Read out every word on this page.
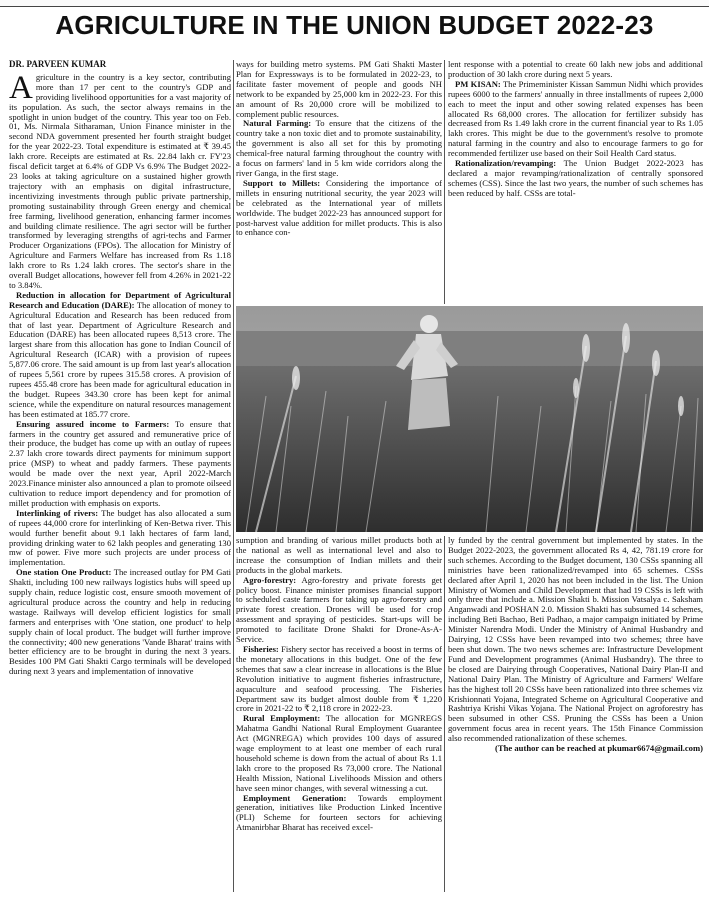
AGRICULTURE IN THE UNION BUDGET 2022-23
DR. PARVEEN KUMAR

Agriculture in the country is a key sector, contributing more than 17 per cent to the country's GDP and providing livelihood opportunities for a vast majority of its population. As such, the sector always remains in the spotlight in union budget of the country. This year too on Feb. 01, Ms. Nirmala Sitharaman, Union Finance minister in the second NDA government presented her fourth straight budget for the year 2022-23. Total expenditure is estimated at ₹ 39.45 lakh crore. Receipts are estimated at Rs. 22.84 lakh cr. FY'23 fiscal deficit target at 6.4% of GDP Vs 6.9% The Budget 2022-23 looks at taking agriculture on a sustained higher growth trajectory with an emphasis on digital infrastructure, incentivizing investments through public private partnership, promoting sustainability through Green energy and chemical free farming, livelihood generation, enhancing farmer incomes and building climate resilience. The agri sector will be further transformed by leveraging strengths of agri-techs and Farmer Producer Organizations (FPOs). The allocation for Ministry of Agriculture and Farmers Welfare has increased from Rs 1.18 lakh crore to Rs 1.24 lakh crores. The sector's share in the overall Budget allocations, however fell from 4.26% in 2021-22 to 3.84%.

Reduction in allocation for Department of Agricultural Research and Education (DARE): The allocation of money to Agricultural Education and Research has been reduced from that of last year. Department of Agriculture Research and Education (DARE) has been allocated rupees 8,513 crore. The largest share from this allocation has gone to Indian Council of Agricultural Research (ICAR) with a provision of rupees 5,877.06 crore. The said amount is up from last year's allocation of rupees 5,561 crore by rupees 315.58 crores. A provision of rupees 455.48 crore has been made for agricultural education in the budget. Rupees 343.30 crore has been kept for animal science, while the expenditure on natural resources management has been estimated at 185.77 crore.

Ensuring assured income to Farmers: To ensure that farmers in the country get assured and remunerative price of their produce, the budget has come up with an outlay of rupees 2.37 lakh crore towards direct payments for minimum support price (MSP) to wheat and paddy farmers. These payments would be made over the next year, April 2022-March 2023.Finance minister also announced a plan to promote oilseed cultivation to reduce import dependency and for promotion of millet production with emphasis on exports.

Interlinking of rivers: The budget has also allocated a sum of rupees 44,000 crore for interlinking of Ken-Betwa river. This would further benefit about 9.1 lakh hectares of farm land, providing drinking water to 62 lakh peoples and generating 130 mw of power. Five more such projects are under process of implementation.

One station One Product: The increased outlay for PM Gati Shakti, including 100 new railways logistics hubs will speed up supply chain, reduce logistic cost, ensure smooth movement of agricultural produce across the country and help in reducing wastage. Railways will develop efficient logistics for small farmers and enterprises with 'One station, one product' to help supply chain of local product. The budget will further improve the connectivity; 400 new generations 'Vande Bharat' trains with better efficiency are to be brought in during the next 3 years. Besides 100 PM Gati Shakti Cargo terminals will be developed during next 3 years and implementation of innovative

ways for building metro systems. PM Gati Shakti Master Plan for Expressways is to be formulated in 2022-23, to facilitate faster movement of people and goods NH network to be expanded by 25,000 km in 2022-23. For this an amount of Rs 20,000 crore will be mobilized to complement public resources.

Natural Farming: To ensure that the citizens of the country take a non toxic diet and to promote sustainability, the government is also all set for this by promoting chemical-free natural farming throughout the country with a focus on farmers' land in 5 km wide corridors along the river Ganga, in the first stage.

Support to Millets: Considering the importance of millets in ensuring nutritional security, the year 2023 will be celebrated as the International year of millets worldwide. The budget 2022-23 has announced support for post-harvest value addition for millet products. This is also to enhance con-

lent response with a potential to create 60 lakh new jobs and additional production of 30 lakh crore during next 5 years.

PM KISAN: The Primeminister Kissan Sammun Nidhi which provides rupees 6000 to the farmers' annually in three installments of rupees 2,000 each to meet the input and other sowing related expenses has been allocated Rs 68,000 crores. The allocation for fertilizer subsidy has decreased from Rs 1.49 lakh crore in the current financial year to Rs 1.05 lakh crores. This might be due to the government's resolve to promote natural farming in the country and also to encourage farmers to go for recommended fertilizer use based on their Soil Health Card status.

Rationalization/revamping: The Union Budget 2022-2023 has declared a major revamping/rationalization of centrally sponsored schemes (CSS). Since the last two years, the number of such schemes has been reduced by half. CSSs are total-

sumption and branding of various millet products both at the national as well as international level and also to increase the consumption of Indian millets and their products in the global markets.

Agro-forestry: Agro-forestry and private forests get policy boost. Finance minister promises financial support to scheduled caste farmers for taking up agro-forestry and private forest creation. Drones will be used for crop assessment and spraying of pesticides. Start-ups will be promoted to facilitate Drone Shakti for Drone-As-A-Service.

Fisheries: Fishery sector has received a boost in terms of the monetary allocations in this budget. One of the few schemes that saw a clear increase in allocations is the Blue Revolution initiative to augment fisheries infrastructure, aquaculture and seafood processing. The Fisheries Department saw its budget almost double from ₹ 1,220 crore in 2021-22 to ₹ 2,118 crore in 2022-23.

Rural Employment: The allocation for MGNREGS Mahatma Gandhi National Rural Employment Guarantee Act (MGNREGA) which provides 100 days of assured wage employment to at least one member of each rural household scheme is down from the actual of about Rs 1.1 lakh crore to the proposed Rs 73,000 crore. The National Health Mission, National Livelihoods Mission and others have seen minor changes, with several witnessing a cut.

Employment Generation: Towards employment generation, initiatives like Production Linked Incentive (PLI) Scheme for fourteen sectors for achieving Atmanirbhar Bharat has received excel-

ly funded by the central government but implemented by states. In the Budget 2022-2023, the government allocated Rs 4, 42, 781.19 crore for such schemes. According to the Budget document, 130 CSSs spanning all ministries have been rationalized/revamped into 65 schemes. CSSs declared after April 1, 2020 has not been included in the list. The Union Ministry of Women and Child Development that had 19 CSSs is left with only three that include a. Mission Shakti b. Mission Vatsalya c. Saksham Anganwadi and POSHAN 2.0. Mission Shakti has subsumed 14 schemes, including Beti Bachao, Beti Padhao, a major campaign initiated by Prime Minister Narendra Modi. Under the Ministry of Animal Husbandry and Dairying, 12 CSSs have been revamped into two schemes; three have been shut down. The two news schemes are: Infrastructure Development Fund and Development programmes (Animal Husbandry). The three to be closed are Dairying through Cooperatives, National Dairy Plan-II and National Dairy Plan. The Ministry of Agriculture and Farmers' Welfare has the highest toll 20 CSSs have been rationalized into three schemes viz Krishionnati Yojana, Integrated Scheme on Agricultural Cooperative and Rashtriya Krishi Vikas Yojana. The National Project on agroforestry has been subsumed in other CSS. Pruning the CSSs has been a Union government focus area in recent years. The 15th Finance Commission also recommended rationalization of these schemes.

(The author can be reached at pkumar6674@gmail.com)
